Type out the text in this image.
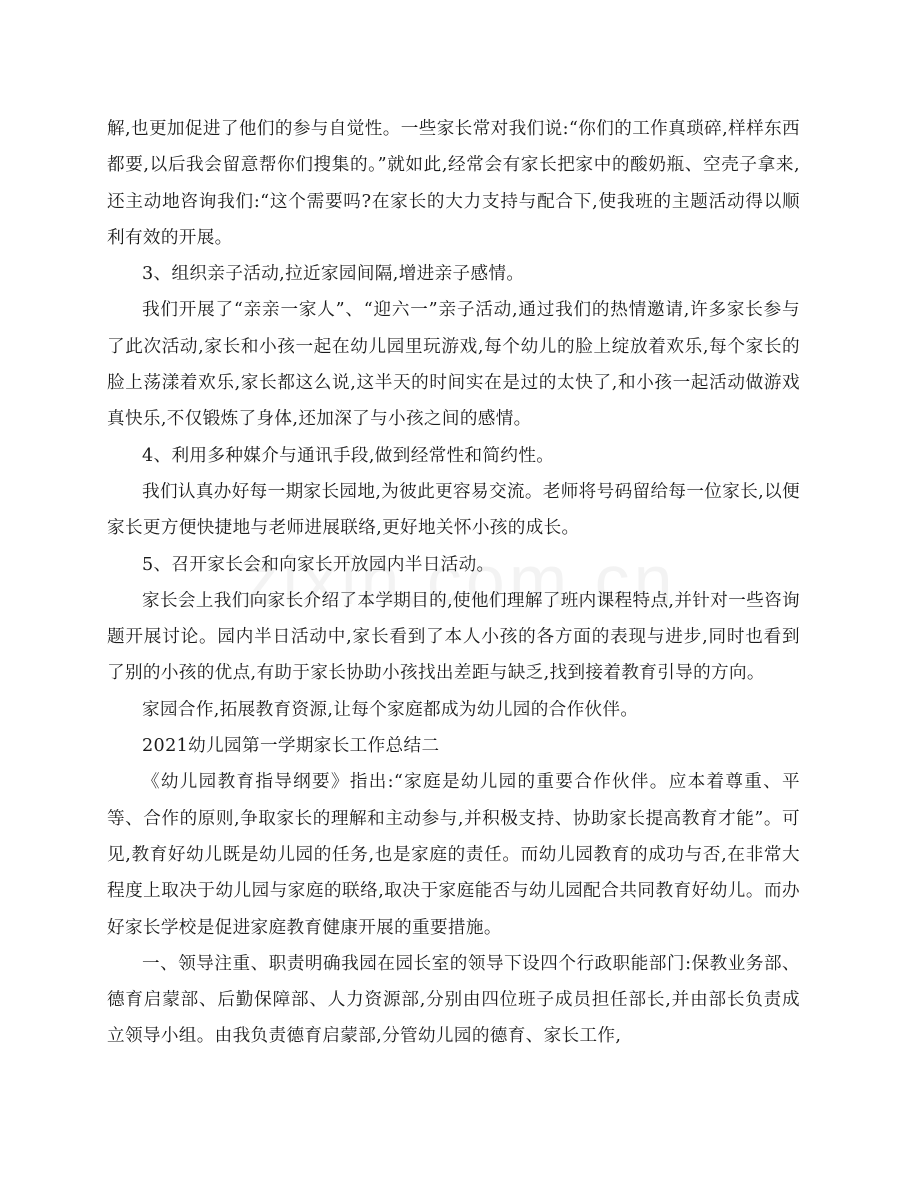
解,也更加促进了他们的参与自觉性。一些家长常对我们说:“你们的工作真琐碎,样样东西都要,以后我会留意帮你们搜集的。”就如此,经常会有家长把家中的酸奶瓶、空壳子拿来,还主动地咨询我们:“这个需要吗?在家长的大力支持与配合下,使我班的主题活动得以顺利有效的开展。

3、组织亲子活动,拉近家园间隔,增进亲子感情。

我们开展了“亲亲一家人”、“迎六一”亲子活动,通过我们的热情邀请,许多家长参与了此次活动,家长和小孩一起在幼儿园里玩游戏,每个幼儿的脸上绽放着欢乐,每个家长的脸上荡漾着欢乐,家长都这么说,这半天的时间实在是过的太快了,和小孩一起活动做游戏真快乐,不仅锻炼了身体,还加深了与小孩之间的感情。

4、利用多种媒介与通讯手段,做到经常性和简约性。

我们认真办好每一期家长园地,为彼此更容易交流。老师将号码留给每一位家长,以便家长更方便快捷地与老师进展联络,更好地关怀小孩的成长。

5、召开家长会和向家长开放园内半日活动。

家长会上我们向家长介绍了本学期目的,使他们理解了班内课程特点,并针对一些咨询题开展讨论。园内半日活动中,家长看到了本人小孩的各方面的表现与进步,同时也看到了别的小孩的优点,有助于家长协助小孩找出差距与缺乏,找到接着教育引导的方向。

家园合作,拓展教育资源,让每个家庭都成为幼儿园的合作伙伴。

2021幼儿园第一学期家长工作总结二

《幼儿园教育指导纲要》指出:“家庭是幼儿园的重要合作伙伴。应本着尊重、平等、合作的原则,争取家长的理解和主动参与,并积极支持、协助家长提高教育才能”。可见,教育好幼儿既是幼儿园的任务,也是家庭的责任。而幼儿园教育的成功与否,在非常大程度上取决于幼儿园与家庭的联络,取决于家庭能否与幼儿园配合共同教育好幼儿。而办好家长学校是促进家庭教育健康开展的重要措施。

一、领导注重、职责明确我园在园长室的领导下设四个行政职能部门:保教业务部、德育启蒙部、后勤保障部、人力资源部,分别由四位班子成员担任部长,并由部长负责成立领导小组。由我负责德育启蒙部,分管幼儿园的德育、家长工作,
